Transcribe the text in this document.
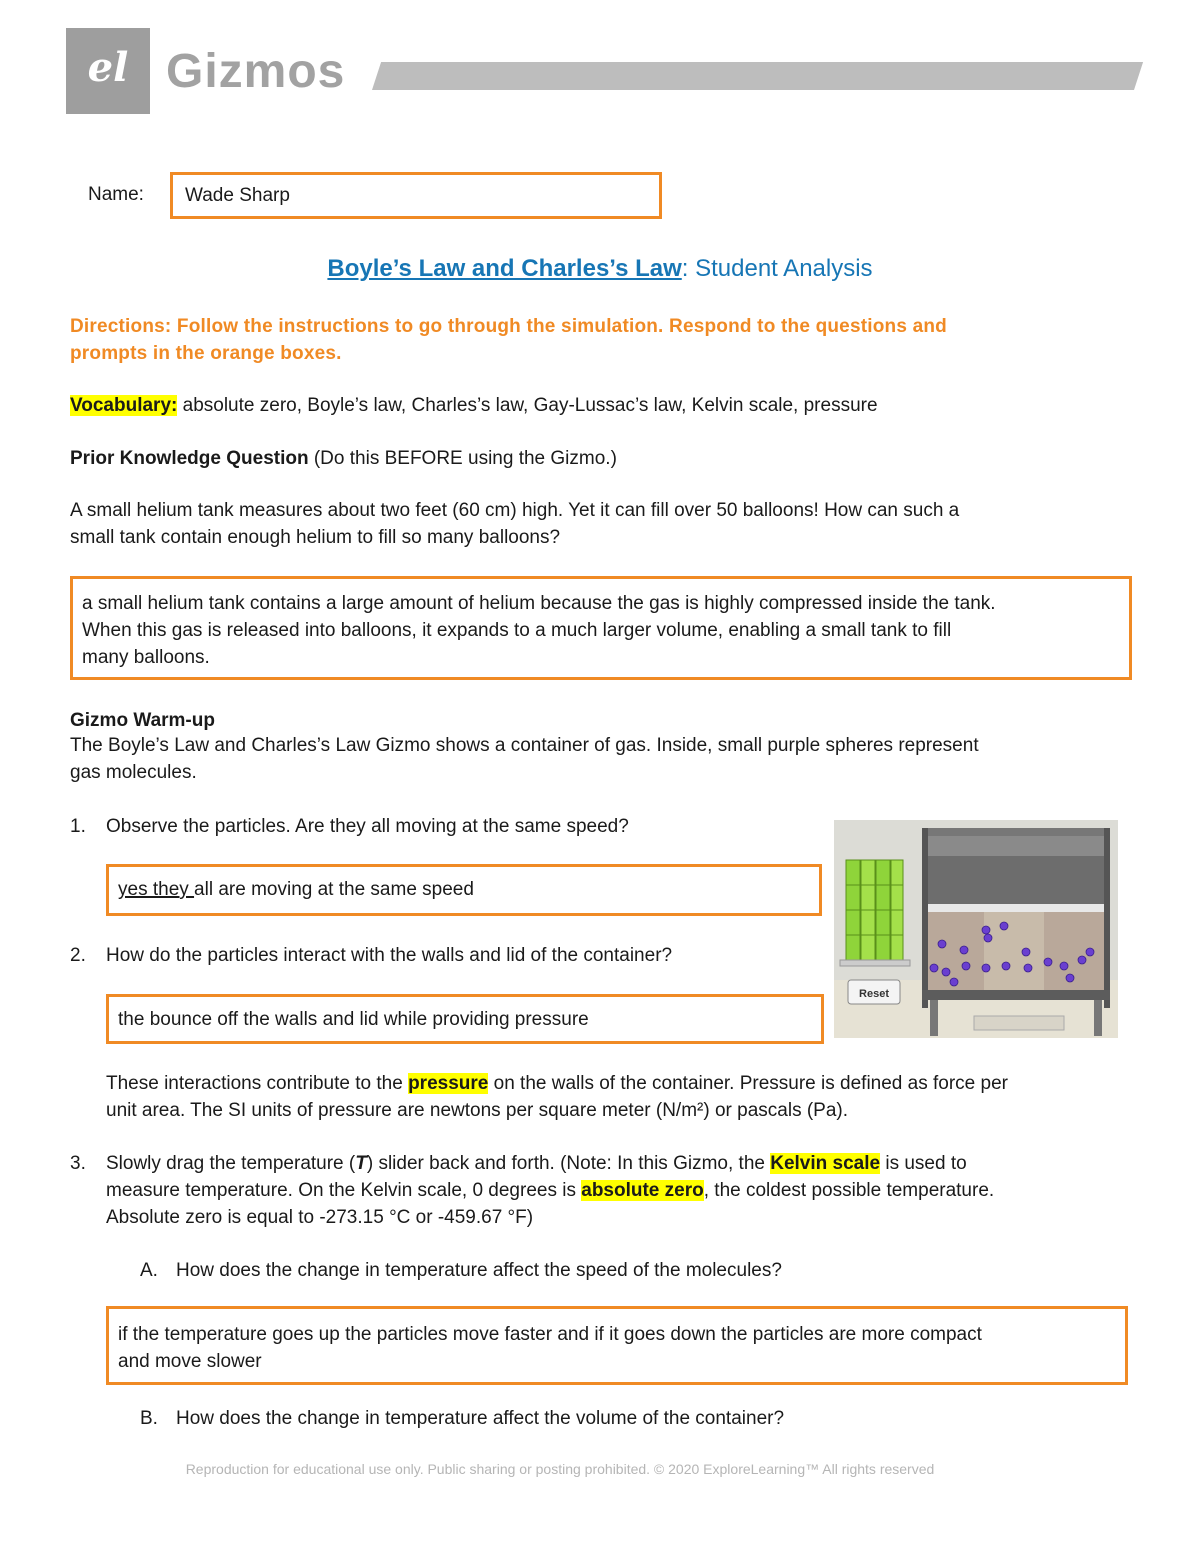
el Gizmos
Name: Wade Sharp
Boyle’s Law and Charles’s Law: Student Analysis
Directions: Follow the instructions to go through the simulation. Respond to the questions and
prompts in the orange boxes.
Vocabulary: absolute zero, Boyle’s law, Charles’s law, Gay-Lussac’s law, Kelvin scale, pressure
Prior Knowledge Question (Do this BEFORE using the Gizmo.)
A small helium tank measures about two feet (60 cm) high. Yet it can fill over 50 balloons! How can such a
small tank contain enough helium to fill so many balloons?
a small helium tank contains a large amount of helium because the gas is highly compressed inside the tank.
When this gas is released into balloons, it expands to a much larger volume, enabling a small tank to fill
many balloons.
Gizmo Warm-up
The Boyle’s Law and Charles’s Law Gizmo shows a container of gas. Inside, small purple spheres represent
gas molecules.
1. Observe the particles. Are they all moving at the same speed?
yes they all are moving at the same speed
2. How do the particles interact with the walls and lid of the container?
the bounce off the walls and lid while providing pressure
Reset
These interactions contribute to the pressure on the walls of the container. Pressure is defined as force per
unit area. The SI units of pressure are newtons per square meter (N/m²) or pascals (Pa).
3. Slowly drag the temperature (T) slider back and forth. (Note: In this Gizmo, the Kelvin scale is used to
measure temperature. On the Kelvin scale, 0 degrees is absolute zero, the coldest possible temperature.
Absolute zero is equal to -273.15 °C or -459.67 °F)
A. How does the change in temperature affect the speed of the molecules?
if the temperature goes up the particles move faster and if it goes down the particles are more compact
and move slower
B. How does the change in temperature affect the volume of the container?
Reproduction for educational use only. Public sharing or posting prohibited. © 2020 ExploreLearning™ All rights reserved
